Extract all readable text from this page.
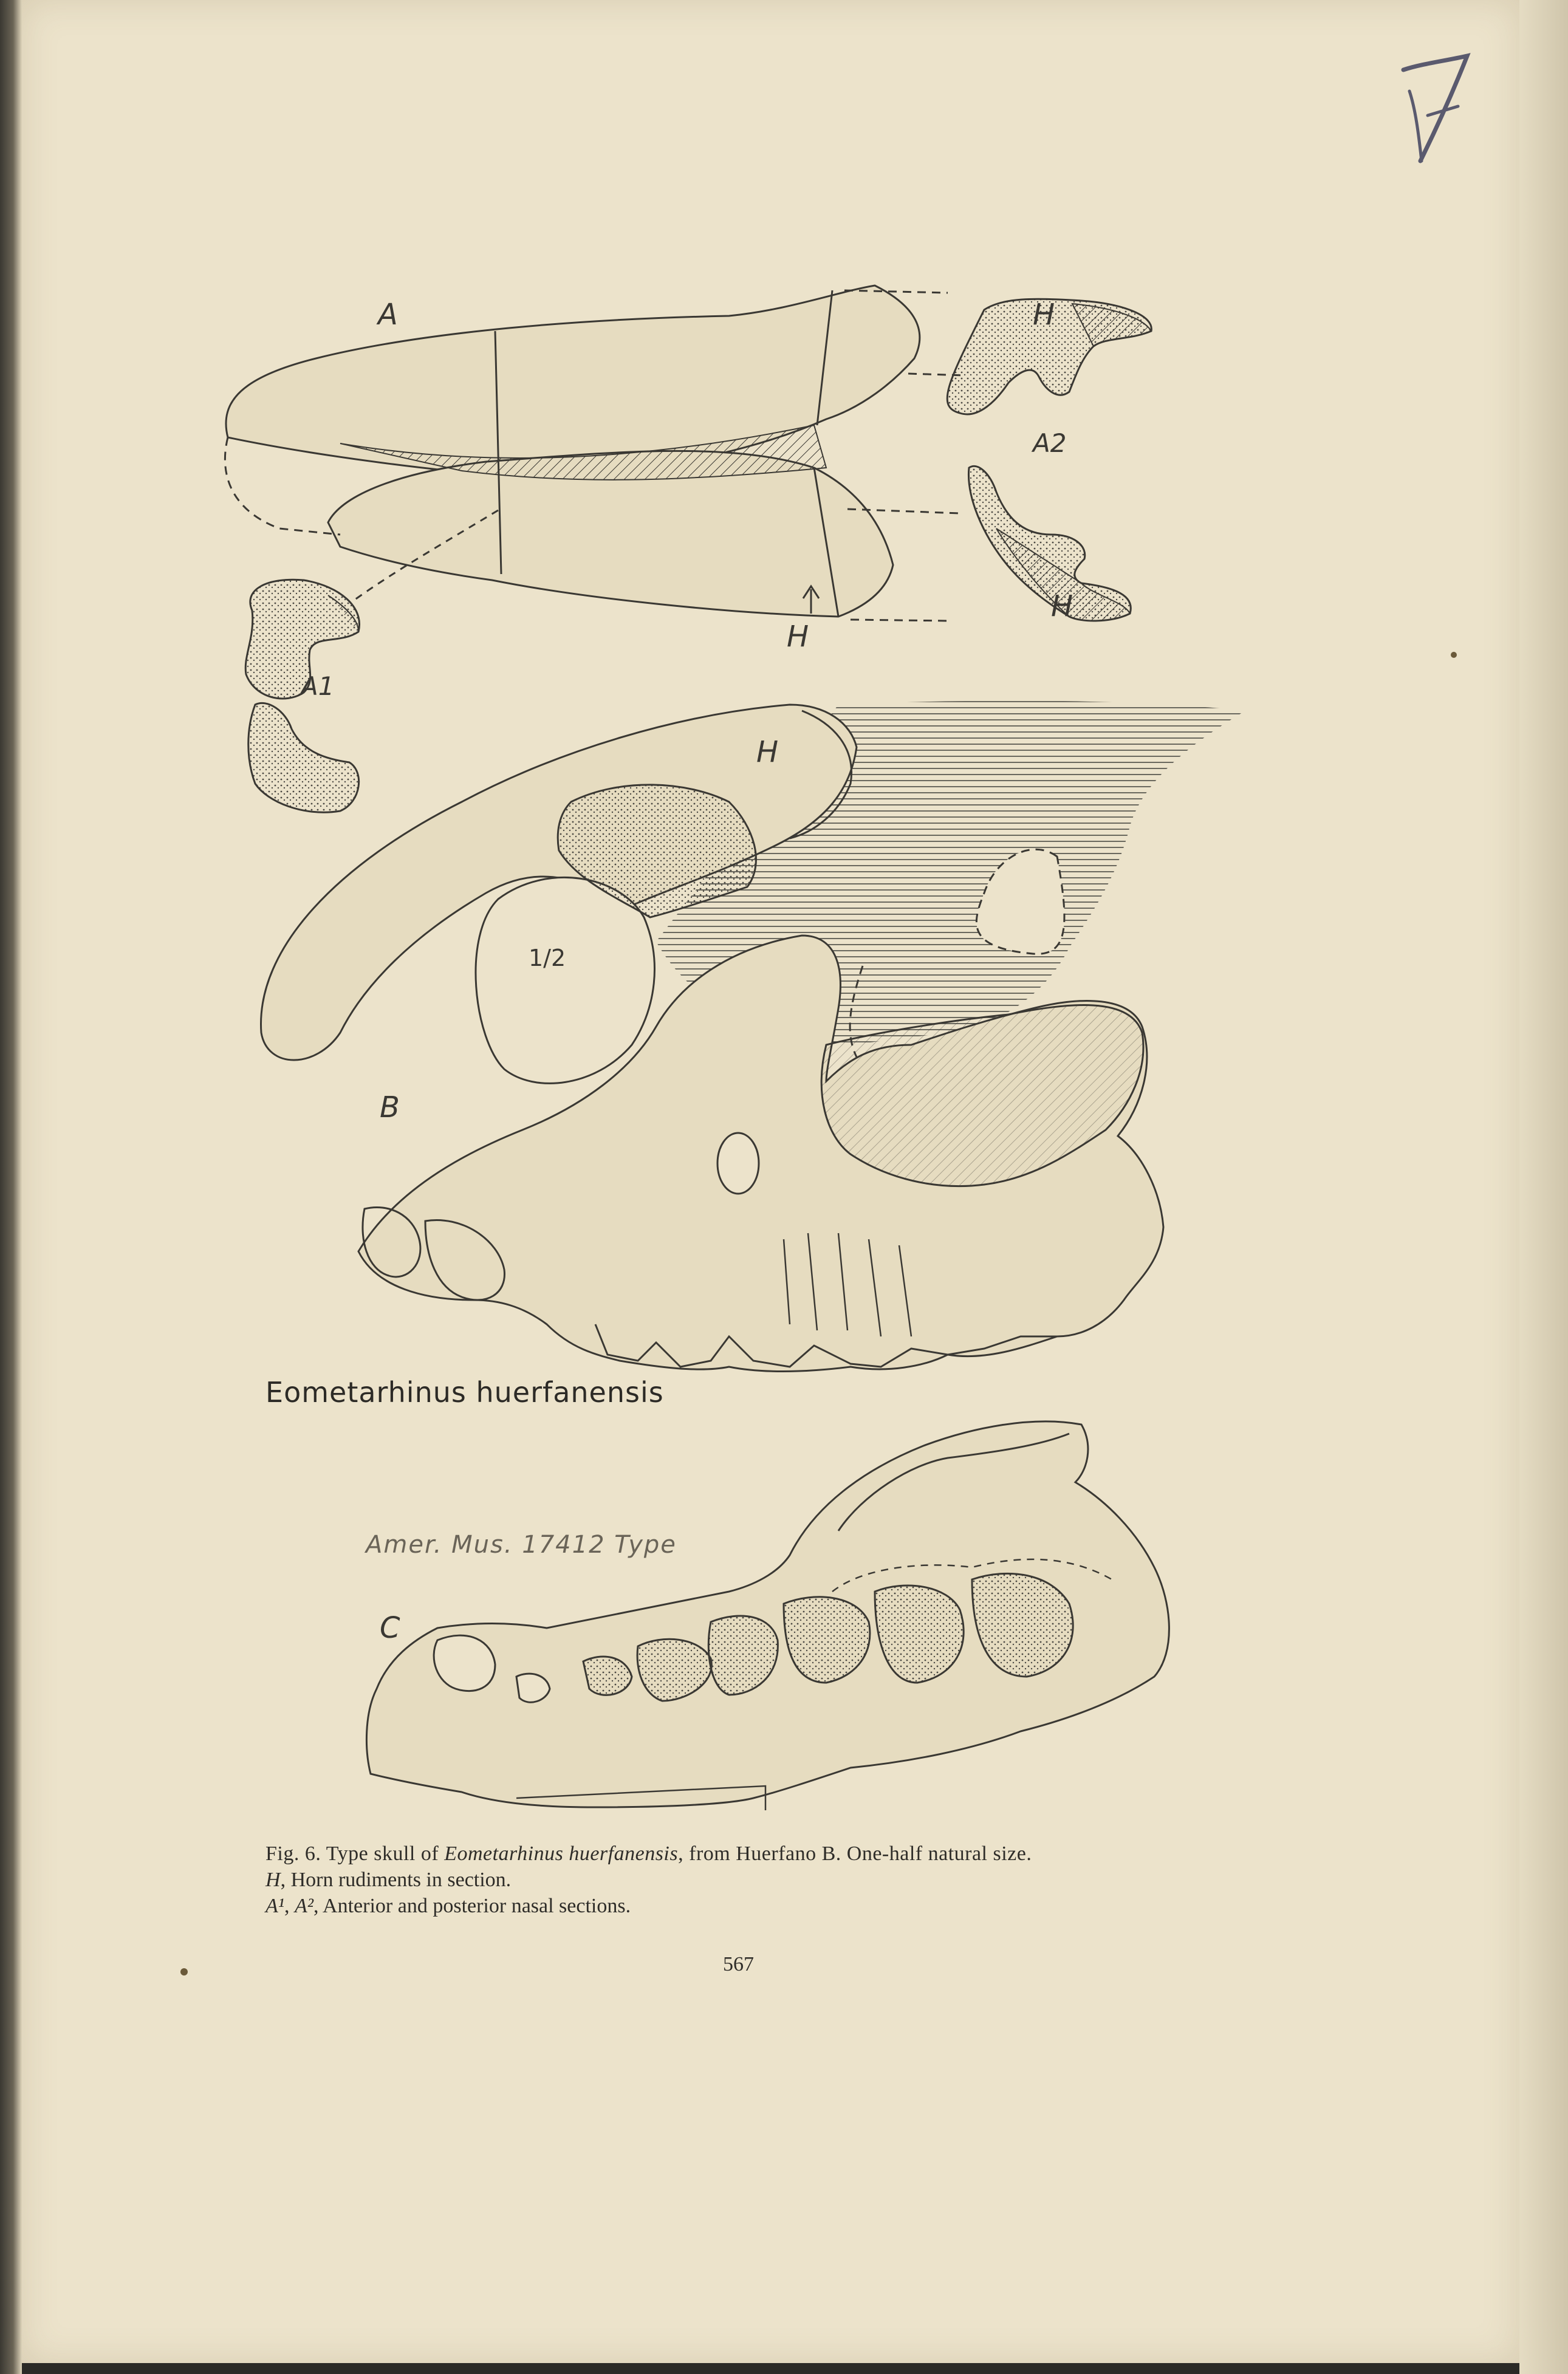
A
A1
A2
H
H
H
H
1/2
B
C
Eometarhinus huerfanensis
Amer. Mus. 17412 Type

Fig. 6. Type skull of Eometarhinus huerfanensis, from Huerfano B. One-half natural size.

H, Horn rudiments in section.

A¹, A², Anterior and posterior nasal sections.

567
